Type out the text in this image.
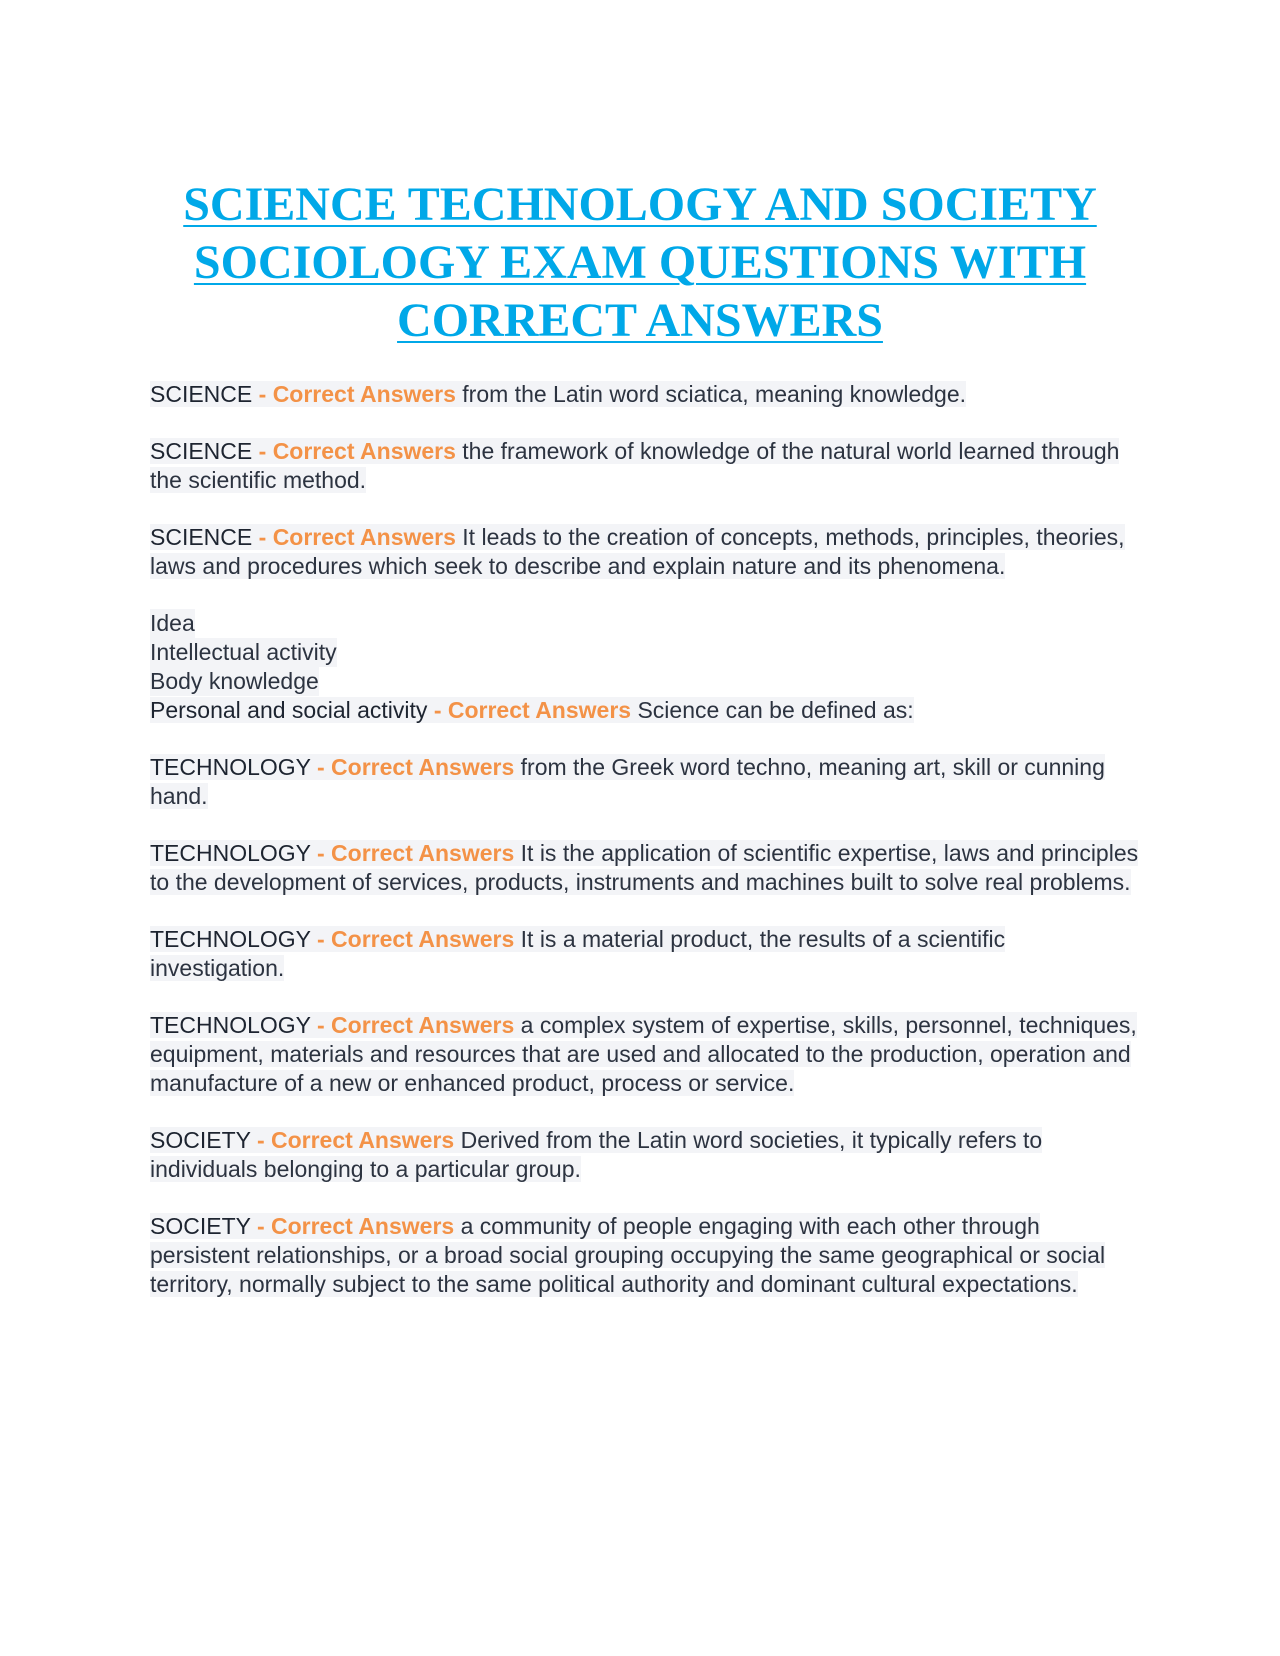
SCIENCE TECHNOLOGY AND SOCIETY
SOCIOLOGY EXAM QUESTIONS WITH
CORRECT ANSWERS

SCIENCE - Correct Answers from the Latin word sciatica, meaning knowledge.

SCIENCE - Correct Answers the framework of knowledge of the natural world learned through the scientific method.

SCIENCE - Correct Answers It leads to the creation of concepts, methods, principles, theories, laws and procedures which seek to describe and explain nature and its phenomena.

Idea
Intellectual activity
Body knowledge
Personal and social activity - Correct Answers Science can be defined as:

TECHNOLOGY - Correct Answers from the Greek word techno, meaning art, skill or cunning hand.

TECHNOLOGY - Correct Answers It is the application of scientific expertise, laws and principles to the development of services, products, instruments and machines built to solve real problems.

TECHNOLOGY - Correct Answers It is a material product, the results of a scientific investigation.

TECHNOLOGY - Correct Answers a complex system of expertise, skills, personnel, techniques, equipment, materials and resources that are used and allocated to the production, operation and manufacture of a new or enhanced product, process or service.

SOCIETY - Correct Answers Derived from the Latin word societies, it typically refers to individuals belonging to a particular group.

SOCIETY - Correct Answers a community of people engaging with each other through persistent relationships, or a broad social grouping occupying the same geographical or social territory, normally subject to the same political authority and dominant cultural expectations.
